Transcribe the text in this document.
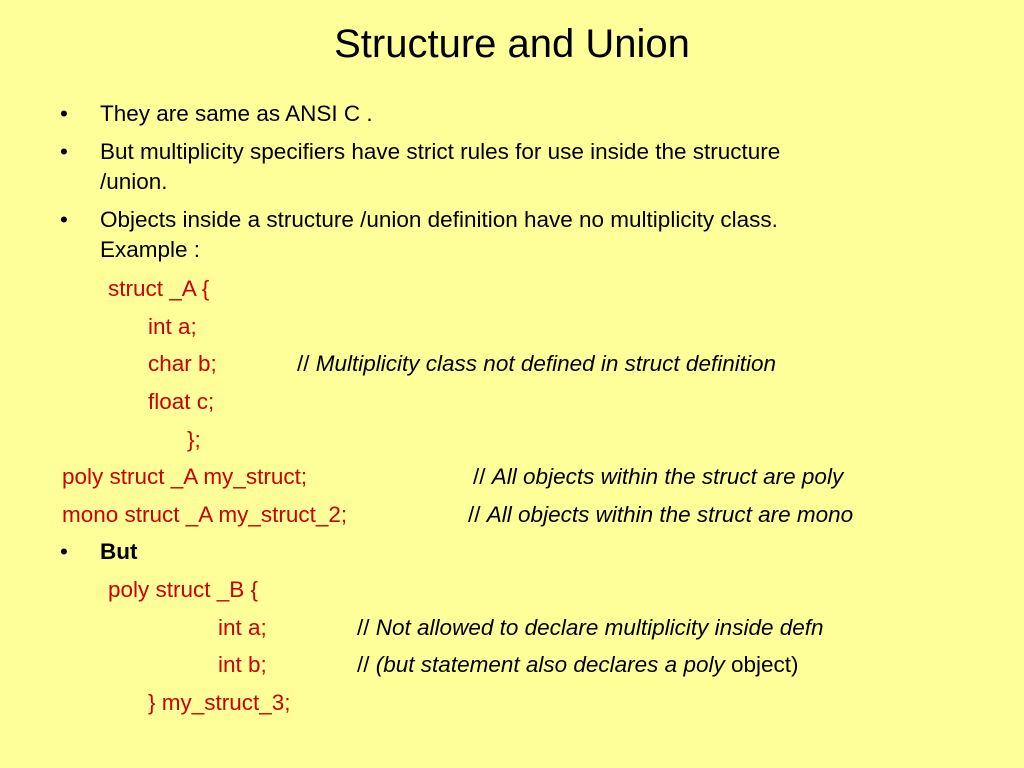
Structure and Union
• They are same as ANSI C .
• But multiplicity specifiers have strict rules for use inside the structure
/union.
• Objects inside a structure /union definition have no multiplicity class.
Example :
struct _A {
int a;
char b;	// Multiplicity class not defined in struct definition
float c;
};
poly struct _A my_struct;	// All objects within the struct are poly
mono struct _A my_struct_2;	// All objects within the struct are mono
• But
poly struct _B {
int a;	// Not allowed to declare multiplicity inside defn
int b;	// (but statement also declares a poly object)
} my_struct_3;
